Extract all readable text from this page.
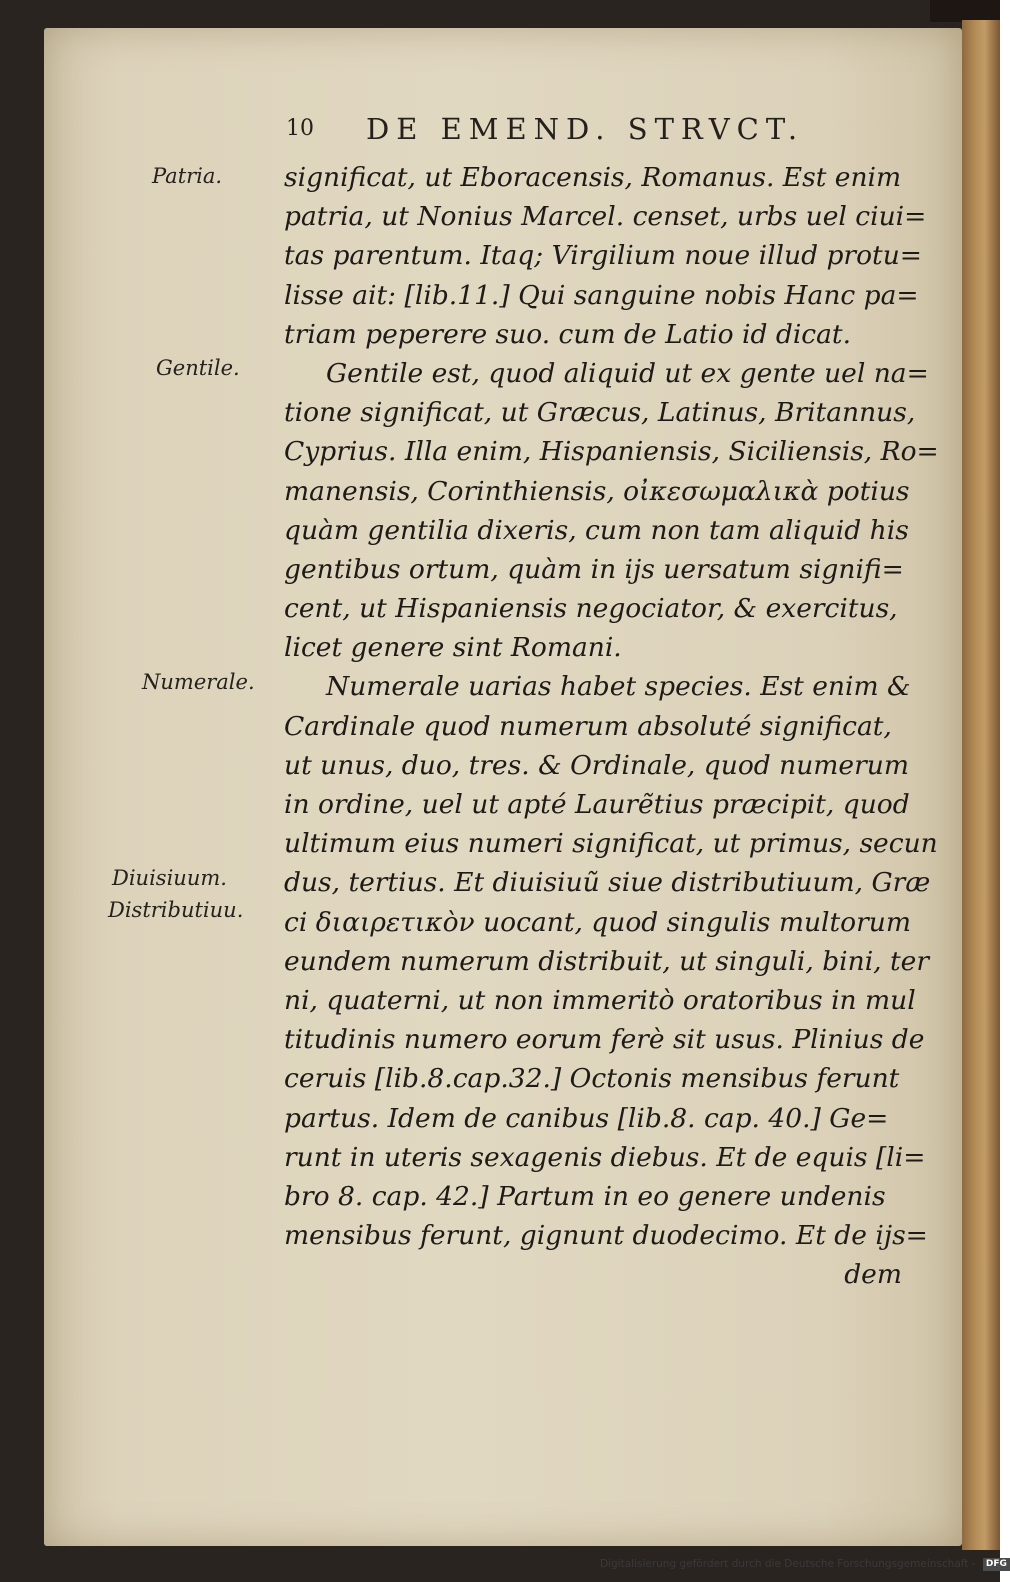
10 DE EMEND. STRVCT.
Patria.
Gentile.
Numerale.
Diuisiuum.
Distributiuu.
significat, ut Eboracensis, Romanus. Est enim
patria, ut Nonius Marcel. censet, urbs uel ciui=
tas parentum. Itaq; Virgilium noue illud protu=
lisse ait: [lib.11.] Qui sanguine nobis Hanc pa=
triam peperere suo. cum de Latio id dicat.
Gentile est, quod aliquid ut ex gente uel na=
tione significat, ut Græcus, Latinus, Britannus,
Cyprius. Illa enim, Hispaniensis, Siciliensis, Ro=
manensis, Corinthiensis, οἰκεσωμαλικὰ potius
quàm gentilia dixeris, cum non tam aliquid his
gentibus ortum, quàm in ijs uersatum signifi=
cent, ut Hispaniensis negociator, & exercitus,
licet genere sint Romani.
Numerale uarias habet species. Est enim &
Cardinale quod numerum absoluté significat,
ut unus, duo, tres. & Ordinale, quod numerum
in ordine, uel ut apté Laurẽtius præcipit, quod
ultimum eius numeri significat, ut primus, secun
dus, tertius. Et diuisiuũ siue distributiuum, Græ
ci διαιρετικὸν uocant, quod singulis multorum
eundem numerum distribuit, ut singuli, bini, ter
ni, quaterni, ut non immeritò oratoribus in mul
titudinis numero eorum ferè sit usus. Plinius de
ceruis [lib.8.cap.32.] Octonis mensibus ferunt
partus. Idem de canibus [lib.8. cap. 40.] Ge=
runt in uteris sexagenis diebus. Et de equis [li=
bro 8. cap. 42.] Partum in eo genere undenis
mensibus ferunt, gignunt duodecimo. Et de ijs=
dem
Digitalisierung gefördert durch die Deutsche Forschungsgemeinschaft - DFG
